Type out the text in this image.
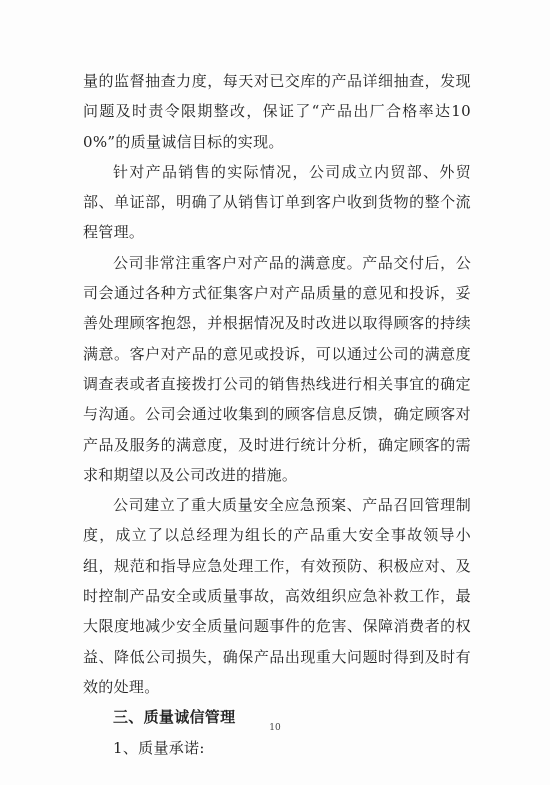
量的监督抽查力度，每天对已交库的产品详细抽查，发现问题及时责令限期整改，保证了“产品出厂合格率达100%”的质量诚信目标的实现。

针对产品销售的实际情况，公司成立内贸部、外贸部、单证部，明确了从销售订单到客户收到货物的整个流程管理。

公司非常注重客户对产品的满意度。产品交付后，公司会通过各种方式征集客户对产品质量的意见和投诉，妥善处理顾客抱怨，并根据情况及时改进以取得顾客的持续满意。客户对产品的意见或投诉，可以通过公司的满意度调查表或者直接拨打公司的销售热线进行相关事宜的确定与沟通。公司会通过收集到的顾客信息反馈，确定顾客对产品及服务的满意度，及时进行统计分析，确定顾客的需求和期望以及公司改进的措施。

公司建立了重大质量安全应急预案、产品召回管理制度，成立了以总经理为组长的产品重大安全事故领导小组，规范和指导应急处理工作，有效预防、积极应对、及时控制产品安全或质量事故，高效组织应急补救工作，最大限度地减少安全质量问题事件的危害、保障消费者的权益、降低公司损失，确保产品出现重大问题时得到及时有效的处理。

三、质量诚信管理

1、质量承诺:

10
